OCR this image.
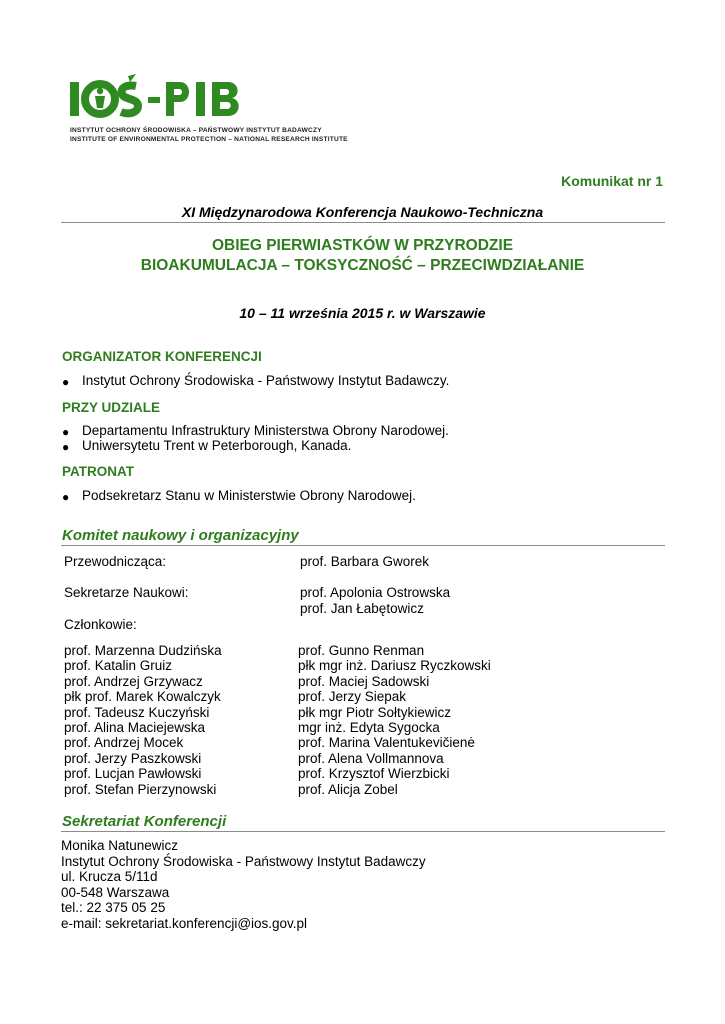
INSTYTUT OCHRONY ŚRODOWISKA – PAŃSTWOWY INSTYTUT BADAWCZY
INSTITUTE OF ENVIRONMENTAL PROTECTION – NATIONAL RESEARCH INSTITUTE
Komunikat nr 1
XI Międzynarodowa Konferencja Naukowo-Techniczna
OBIEG PIERWIASTKÓW W PRZYRODZIE
BIOAKUMULACJA – TOKSYCZNOŚĆ – PRZECIWDZIAŁANIE
10 – 11 września 2015 r. w Warszawie
ORGANIZATOR KONFERENCJI
● Instytut Ochrony Środowiska - Państwowy Instytut Badawczy.
PRZY UDZIALE
● Departamentu Infrastruktury Ministerstwa Obrony Narodowej.
● Uniwersytetu Trent w Peterborough, Kanada.
PATRONAT
● Podsekretarz Stanu w Ministerstwie Obrony Narodowej.
Komitet naukowy i organizacyjny
Przewodnicząca:	prof. Barbara Gworek
Sekretarze Naukowi:	prof. Apolonia Ostrowska
prof. Jan Łabętowicz
Członkowie:
prof. Marzenna Dudzińska
prof. Katalin Gruiz
prof. Andrzej Grzywacz
płk prof. Marek Kowalczyk
prof. Tadeusz Kuczyński
prof. Alina Maciejewska
prof. Andrzej Mocek
prof. Jerzy Paszkowski
prof. Lucjan Pawłowski
prof. Stefan Pierzynowski
prof. Gunno Renman
płk mgr inż. Dariusz Ryczkowski
prof. Maciej Sadowski
prof. Jerzy Siepak
płk mgr Piotr Sołtykiewicz
mgr inż. Edyta Sygocka
prof. Marina Valentukevičienė
prof. Alena Vollmannova
prof. Krzysztof Wierzbicki
prof. Alicja Zobel
Sekretariat Konferencji
Monika Natunewicz
Instytut Ochrony Środowiska - Państwowy Instytut Badawczy
ul. Krucza 5/11d
00-548 Warszawa
tel.: 22 375 05 25
e-mail: sekretariat.konferencji@ios.gov.pl
